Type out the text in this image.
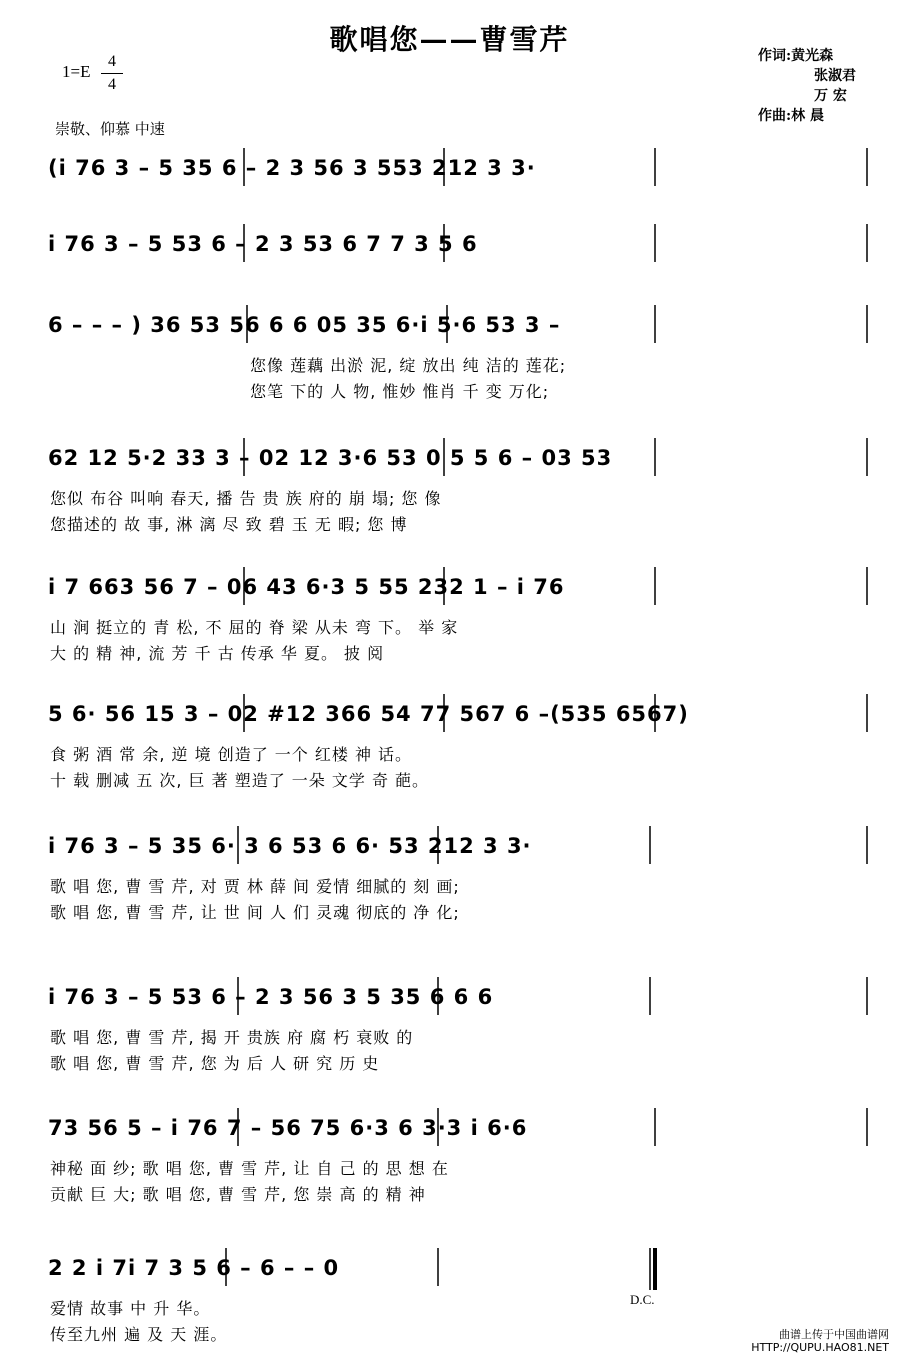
歌唱您——曹雪芹
1=E
4
4
崇敬、仰慕 中速
作词:黄光森
张淑君
万 宏
作曲:林 晨
(i 76 3 – 5 35 6 – 2 3 56 3 553 212 3 3·
i 76 3 – 5 53 6 – 2 3 53 6 7 7 3 5 6
6 – – – ) 36 53 56 6 6 05 35 6·i 5·6 53 3 –
您像 莲藕 出淤 泥, 绽 放出 纯 洁的 莲花;
您笔 下的 人 物, 惟妙 惟肖 千 变 万化;
62 12 5·2 33 3 – 02 12 3·6 53 0 5 5 6 – 03 53
您似 布谷 叫响 春天, 播 告 贵 族 府的 崩 塌; 您 像
您描述的 故 事, 淋 漓 尽 致 碧 玉 无 暇; 您 博
i 7 663 56 7 – 06 43 6·3 5 55 232 1 – i 76
山 涧 挺立的 青 松, 不 屈的 脊 梁 从未 弯 下。 举 家
大 的 精 神, 流 芳 千 古 传承 华 夏。 披 阅
5 6· 56 15 3 – 02 #12 366 54 77 567 6 –(535 6567)
食 粥 酒 常 余, 逆 境 创造了 一个 红楼 神 话。
十 载 删减 五 次, 巨 著 塑造了 一朵 文学 奇 葩。
i 76 3 – 5 35 6· 3 6 53 6 6· 53 212 3 3·
歌 唱 您, 曹 雪 芹, 对 贾 林 薛 间 爱情 细腻的 刻 画;
歌 唱 您, 曹 雪 芹, 让 世 间 人 们 灵魂 彻底的 净 化;
i 76 3 – 5 53 6 – 2 3 56 3 5 35 6 6 6
歌 唱 您, 曹 雪 芹, 揭 开 贵族 府 腐 朽 衰败 的
歌 唱 您, 曹 雪 芹, 您 为 后 人 研 究 历 史
73 56 5 – i 76 7 – 56 75 6·3 6 3·3 i 6·6
神秘 面 纱; 歌 唱 您, 曹 雪 芹, 让 自 己 的 思 想 在
贡献 巨 大; 歌 唱 您, 曹 雪 芹, 您 崇 高 的 精 神
2 2 i 7i 7 3 5 6 – 6 – – 0
爱情 故事 中 升 华。
传至九州 遍 及 天 涯。
D.C.
曲谱上传于中国曲谱网
HTTP://QUPU.HAO81.NET
